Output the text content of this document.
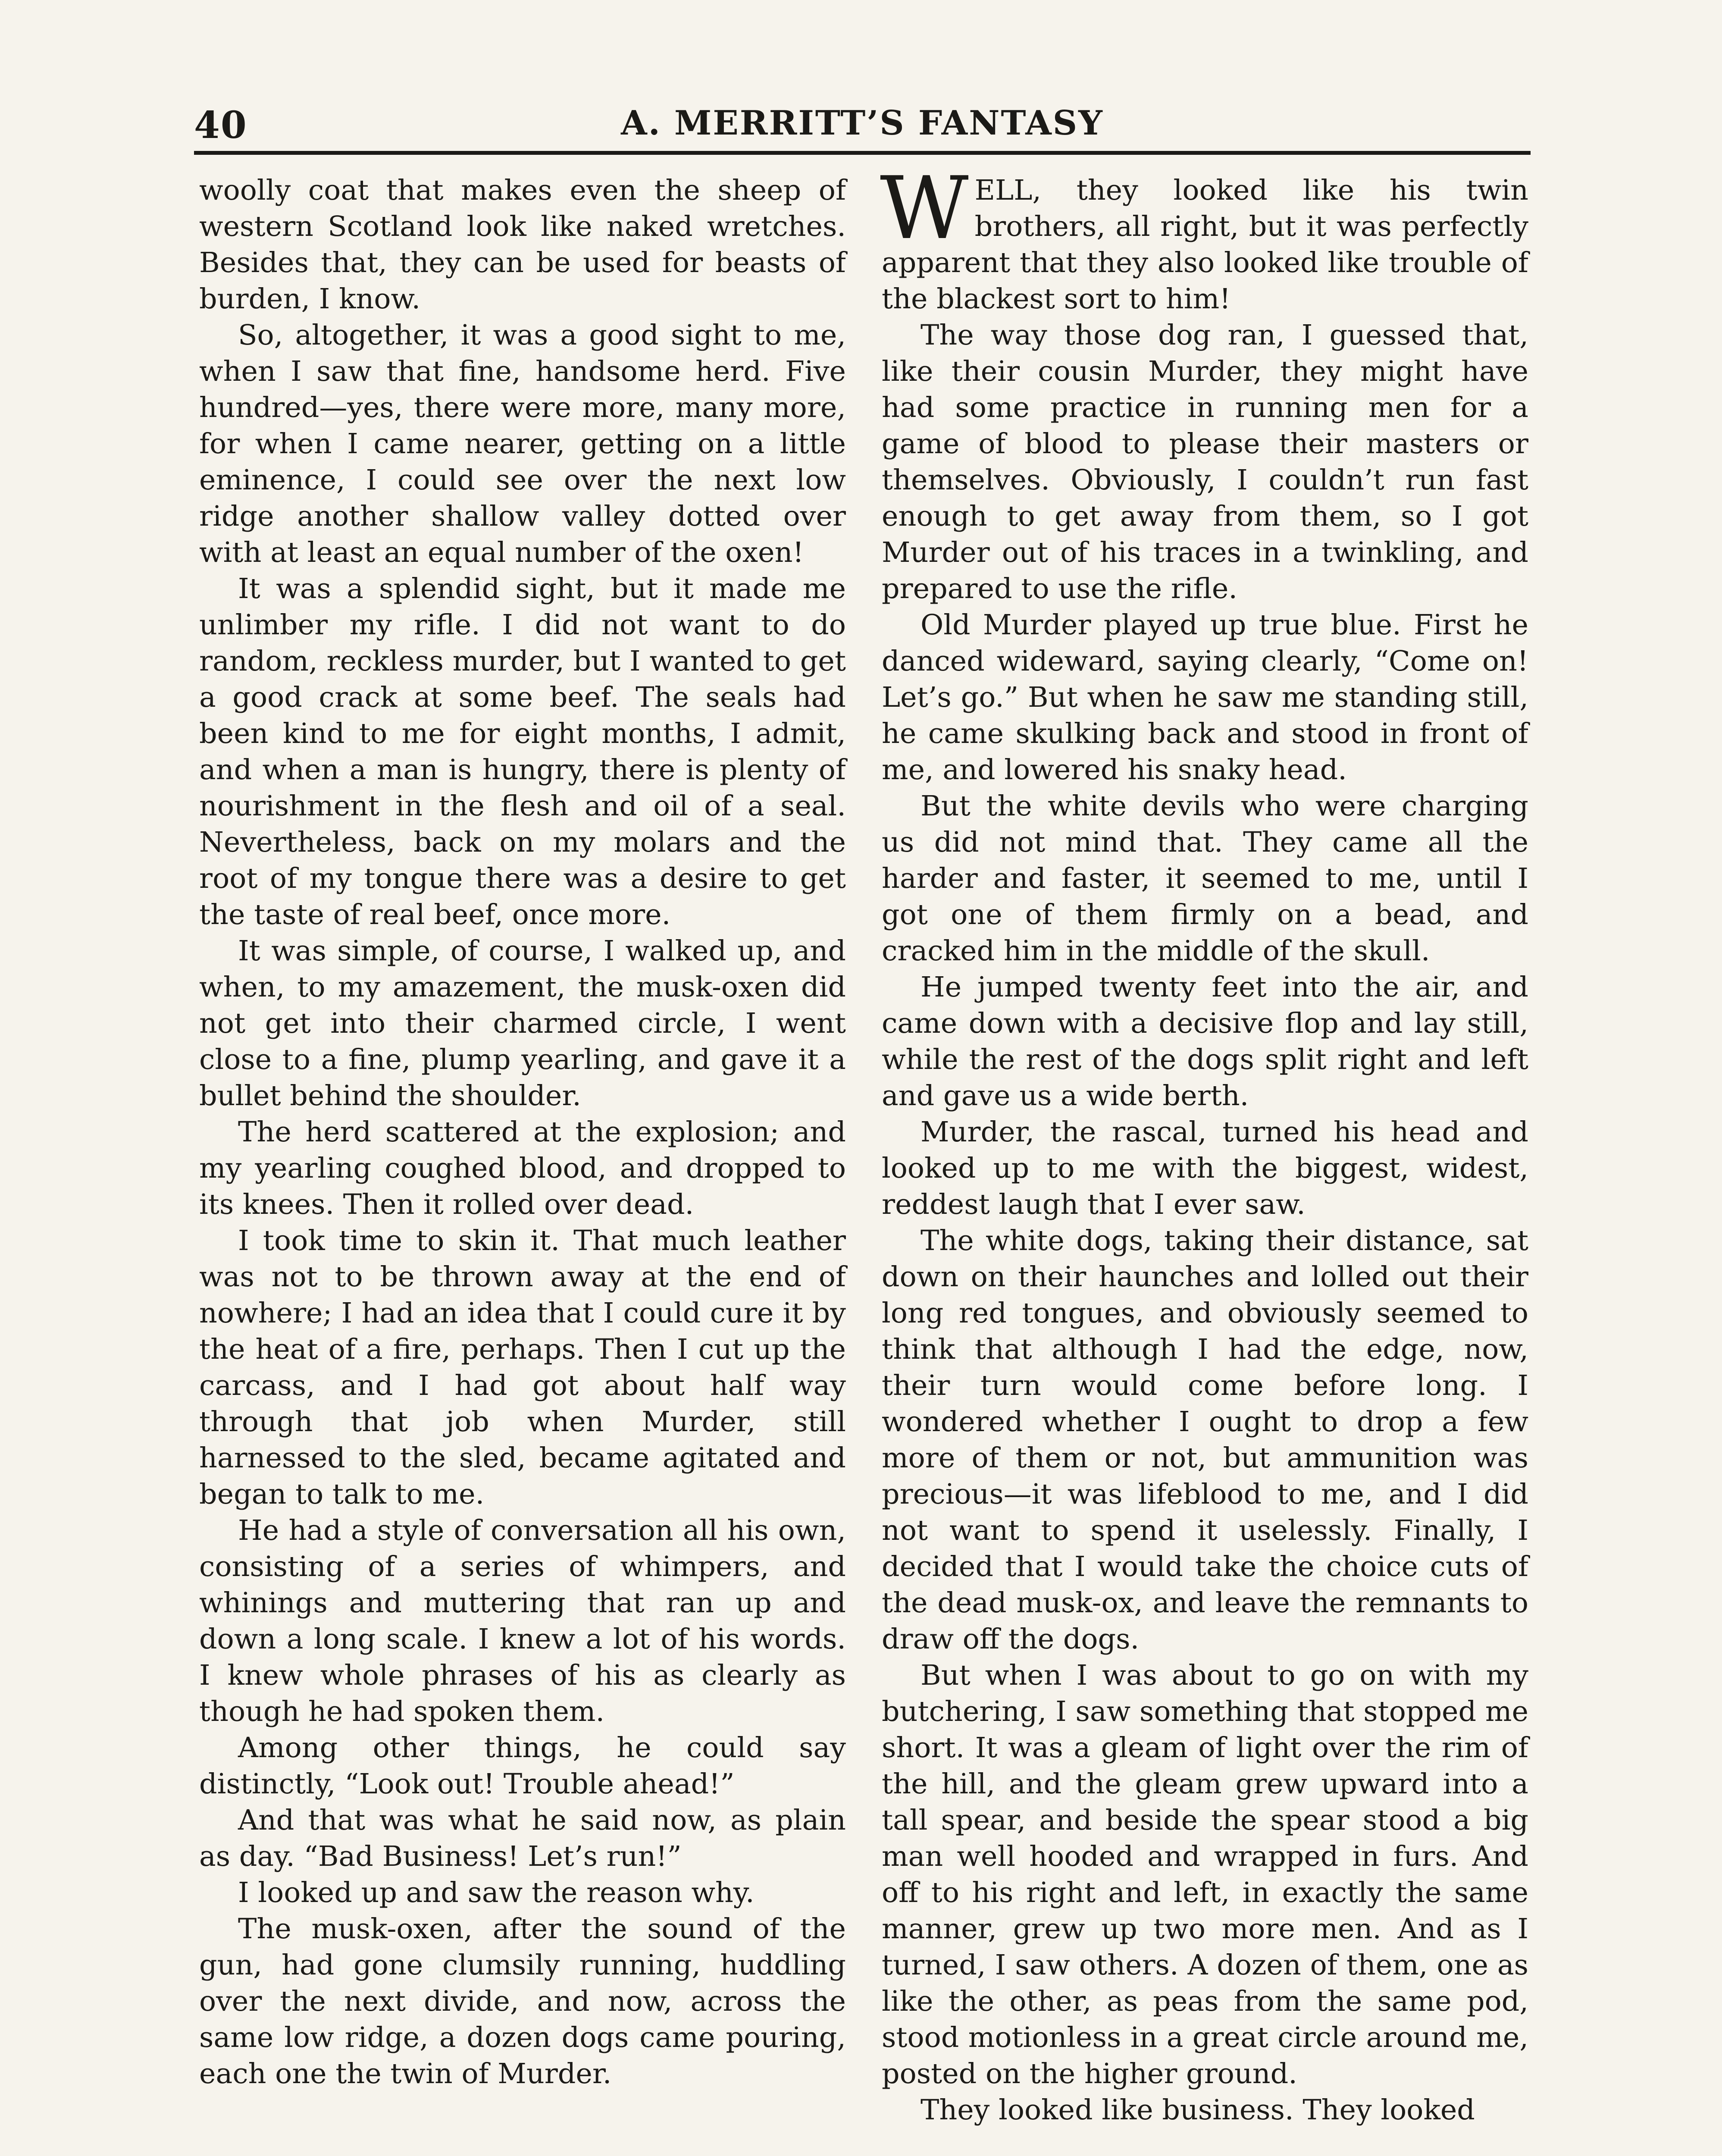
40	A. MERRITT’S FANTASY

woolly coat that makes even the sheep of western Scotland look like naked wretches. Besides that, they can be used for beasts of burden, I know.

So, altogether, it was a good sight to me, when I saw that fine, handsome herd. Five hundred—yes, there were more, many more, for when I came nearer, getting on a little eminence, I could see over the next low ridge another shallow valley dotted over with at least an equal number of the oxen!

It was a splendid sight, but it made me unlimber my rifle. I did not want to do random, reckless murder, but I wanted to get a good crack at some beef. The seals had been kind to me for eight months, I admit, and when a man is hungry, there is plenty of nourishment in the flesh and oil of a seal. Nevertheless, back on my molars and the root of my tongue there was a desire to get the taste of real beef, once more.

It was simple, of course, I walked up, and when, to my amazement, the musk-oxen did not get into their charmed circle, I went close to a fine, plump yearling, and gave it a bullet behind the shoulder.

The herd scattered at the explosion; and my yearling coughed blood, and dropped to its knees. Then it rolled over dead.

I took time to skin it. That much leather was not to be thrown away at the end of nowhere; I had an idea that I could cure it by the heat of a fire, perhaps. Then I cut up the carcass, and I had got about half way through that job when Murder, still harnessed to the sled, became agitated and began to talk to me.

He had a style of conversation all his own, consisting of a series of whimpers, and whinings and muttering that ran up and down a long scale. I knew a lot of his words. I knew whole phrases of his as clearly as though he had spoken them.

Among other things, he could say distinctly, “Look out! Trouble ahead!”

And that was what he said now, as plain as day. “Bad Business! Let’s run!”

I looked up and saw the reason why.

The musk-oxen, after the sound of the gun, had gone clumsily running, huddling over the next divide, and now, across the same low ridge, a dozen dogs came pouring, each one the twin of Murder.

WELL, they looked like his twin brothers, all right, but it was perfectly apparent that they also looked like trouble of the blackest sort to him!

The way those dog ran, I guessed that, like their cousin Murder, they might have had some practice in running men for a game of blood to please their masters or themselves. Obviously, I couldn’t run fast enough to get away from them, so I got Murder out of his traces in a twinkling, and prepared to use the rifle.

Old Murder played up true blue. First he danced wideward, saying clearly, “Come on! Let’s go.” But when he saw me standing still, he came skulking back and stood in front of me, and lowered his snaky head.

But the white devils who were charging us did not mind that. They came all the harder and faster, it seemed to me, until I got one of them firmly on a bead, and cracked him in the middle of the skull.

He jumped twenty feet into the air, and came down with a decisive flop and lay still, while the rest of the dogs split right and left and gave us a wide berth.

Murder, the rascal, turned his head and looked up to me with the biggest, widest, reddest laugh that I ever saw.

The white dogs, taking their distance, sat down on their haunches and lolled out their long red tongues, and obviously seemed to think that although I had the edge, now, their turn would come before long. I wondered whether I ought to drop a few more of them or not, but ammunition was precious—it was lifeblood to me, and I did not want to spend it uselessly. Finally, I decided that I would take the choice cuts of the dead musk-ox, and leave the remnants to draw off the dogs.

But when I was about to go on with my butchering, I saw something that stopped me short. It was a gleam of light over the rim of the hill, and the gleam grew upward into a tall spear, and beside the spear stood a big man well hooded and wrapped in furs. And off to his right and left, in exactly the same manner, grew up two more men. And as I turned, I saw others. A dozen of them, one as like the other, as peas from the same pod, stood motionless in a great circle around me, posted on the higher ground.

They looked like business. They looked
